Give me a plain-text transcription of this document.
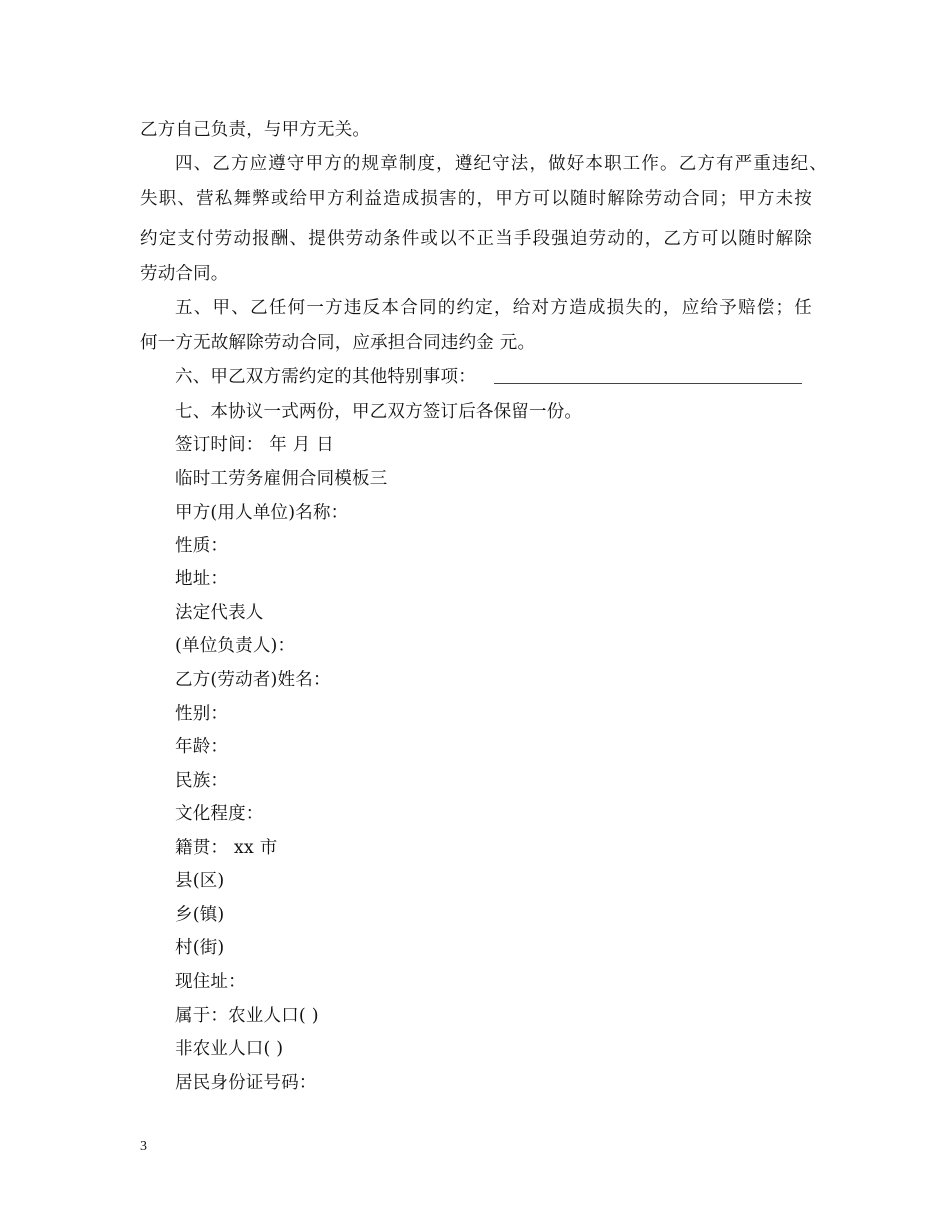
乙方自己负责，与甲方无关。
四、乙方应遵守甲方的规章制度，遵纪守法，做好本职工作。乙方有严重违纪、
失职、营私舞弊或给甲方利益造成损害的，甲方可以随时解除劳动合同；甲方未按
约定支付劳动报酬、提供劳动条件或以不正当手段强迫劳动的，乙方可以随时解除
劳动合同。
五、甲、乙任何一方违反本合同的约定，给对方造成损失的，应给予赔偿；任
何一方无故解除劳动合同，应承担合同违约金 元。
六、甲乙双方需约定的其他特别事项：
七、本协议一式两份，甲乙双方签订后各保留一份。
签订时间： 年 月 日
临时工劳务雇佣合同模板三
甲方(用人单位)名称：
性质：
地址：
法定代表人
(单位负责人)：
乙方(劳动者)姓名：
性别：
年龄：
民族：
文化程度：
籍贯： xx 市
县(区)
乡(镇)
村(街)
现住址：
属于：农业人口( )
非农业人口( )
居民身份证号码：
3
